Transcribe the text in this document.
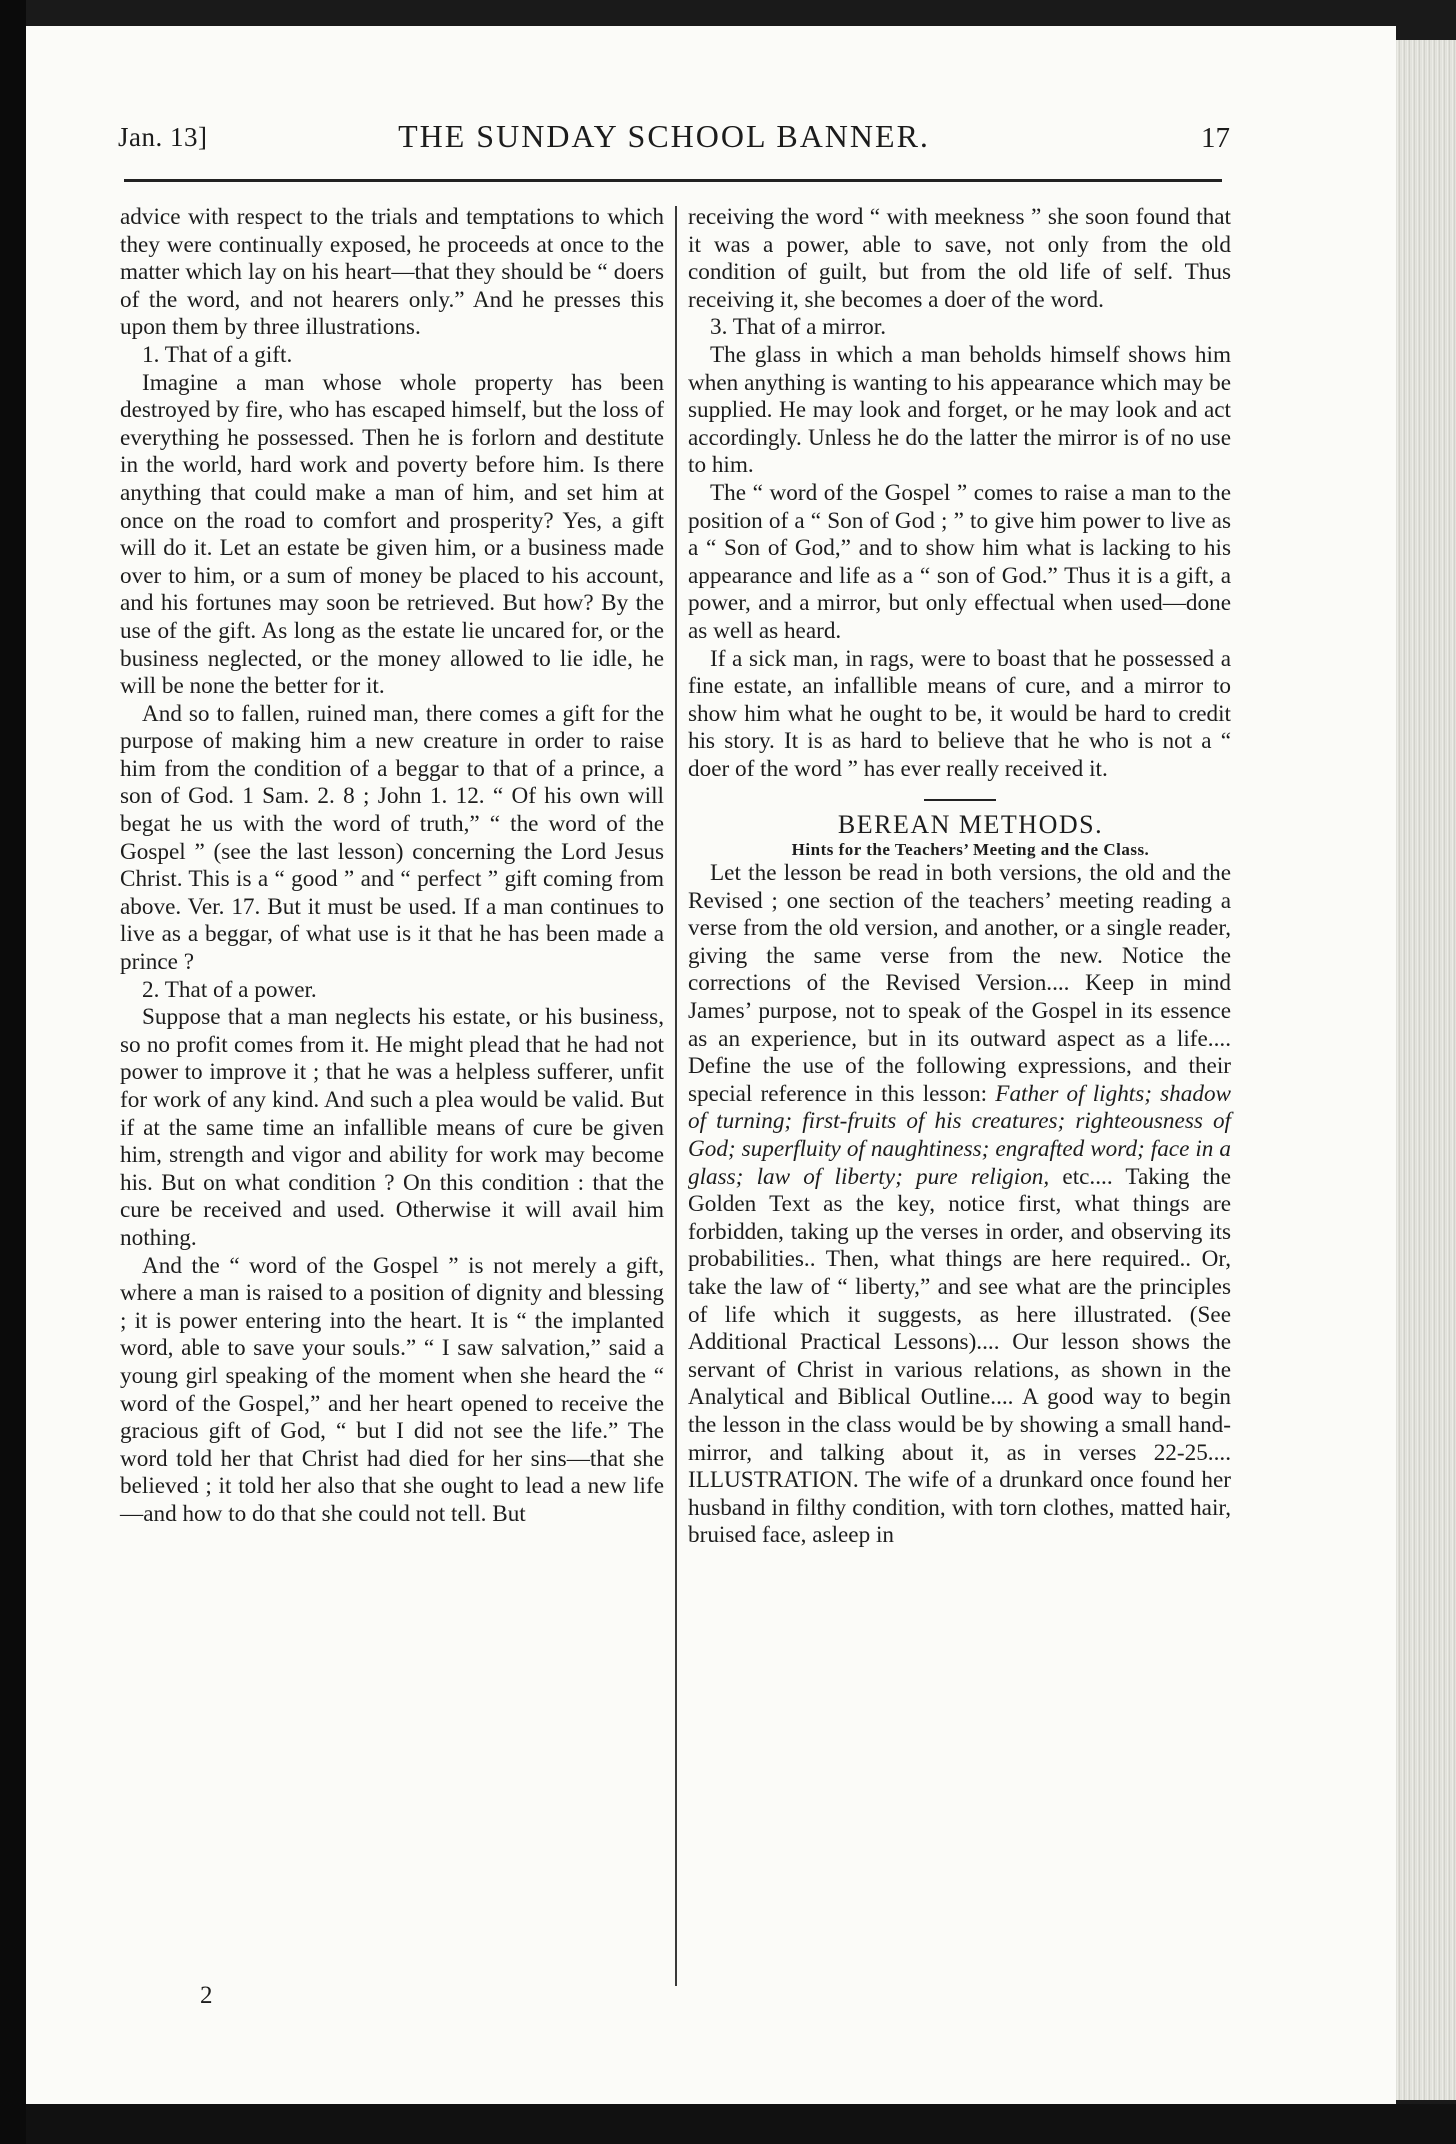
Jan. 13]	THE SUNDAY SCHOOL BANNER.	17

advice with respect to the trials and temptations to which they were continually exposed, he proceeds at once to the matter which lay on his heart—that they should be “ doers of the word, and not hearers only.” And he presses this upon them by three illustrations.

1. That of a gift.

Imagine a man whose whole property has been destroyed by fire, who has escaped himself, but the loss of everything he possessed. Then he is forlorn and destitute in the world, hard work and poverty before him. Is there anything that could make a man of him, and set him at once on the road to comfort and prosperity? Yes, a gift will do it. Let an estate be given him, or a business made over to him, or a sum of money be placed to his account, and his fortunes may soon be retrieved. But how? By the use of the gift. As long as the estate lie uncared for, or the business neglected, or the money allowed to lie idle, he will be none the better for it.

And so to fallen, ruined man, there comes a gift for the purpose of making him a new creature in order to raise him from the condition of a beggar to that of a prince, a son of God. 1 Sam. 2. 8 ; John 1. 12. “ Of his own will begat he us with the word of truth,” “ the word of the Gospel ” (see the last lesson) concerning the Lord Jesus Christ. This is a “ good ” and “ perfect ” gift coming from above. Ver. 17. But it must be used. If a man continues to live as a beggar, of what use is it that he has been made a prince ?

2. That of a power.

Suppose that a man neglects his estate, or his business, so no profit comes from it. He might plead that he had not power to improve it ; that he was a helpless sufferer, unfit for work of any kind. And such a plea would be valid. But if at the same time an infallible means of cure be given him, strength and vigor and ability for work may become his. But on what condition ? On this condition : that the cure be received and used. Otherwise it will avail him nothing.

And the “ word of the Gospel ” is not merely a gift, where a man is raised to a position of dignity and blessing ; it is power entering into the heart. It is “ the implanted word, able to save your souls.” “ I saw salvation,” said a young girl speaking of the moment when she heard the “ word of the Gospel,” and her heart opened to receive the gracious gift of God, “ but I did not see the life.” The word told her that Christ had died for her sins—that she believed ; it told her also that she ought to lead a new life—and how to do that she could not tell. But

receiving the word “ with meekness ” she soon found that it was a power, able to save, not only from the old condition of guilt, but from the old life of self. Thus receiving it, she becomes a doer of the word.

3. That of a mirror.

The glass in which a man beholds himself shows him when anything is wanting to his appearance which may be supplied. He may look and forget, or he may look and act accordingly. Unless he do the latter the mirror is of no use to him.

The “ word of the Gospel ” comes to raise a man to the position of a “ Son of God ; ” to give him power to live as a “ Son of God,” and to show him what is lacking to his appearance and life as a “ son of God.” Thus it is a gift, a power, and a mirror, but only effectual when used—done as well as heard.

If a sick man, in rags, were to boast that he possessed a fine estate, an infallible means of cure, and a mirror to show him what he ought to be, it would be hard to credit his story. It is as hard to believe that he who is not a “ doer of the word ” has ever really received it.

BEREAN METHODS.

Hints for the Teachers’ Meeting and the Class.

Let the lesson be read in both versions, the old and the Revised ; one section of the teachers’ meeting reading a verse from the old version, and another, or a single reader, giving the same verse from the new. Notice the corrections of the Revised Version.... Keep in mind James’ purpose, not to speak of the Gospel in its essence as an experience, but in its outward aspect as a life.... Define the use of the following expressions, and their special reference in this lesson: Father of lights; shadow of turning; first-fruits of his creatures; righteousness of God; superfluity of naughtiness; engrafted word; face in a glass; law of liberty; pure religion, etc.... Taking the Golden Text as the key, notice first, what things are forbidden, taking up the verses in order, and observing its probabilities.. Then, what things are here required.. Or, take the law of “ liberty,” and see what are the principles of life which it suggests, as here illustrated. (See Additional Practical Lessons).... Our lesson shows the servant of Christ in various relations, as shown in the Analytical and Biblical Outline.... A good way to begin the lesson in the class would be by showing a small hand-mirror, and talking about it, as in verses 22-25.... ILLUSTRATION. The wife of a drunkard once found her husband in filthy condition, with torn clothes, matted hair, bruised face, asleep in

2
